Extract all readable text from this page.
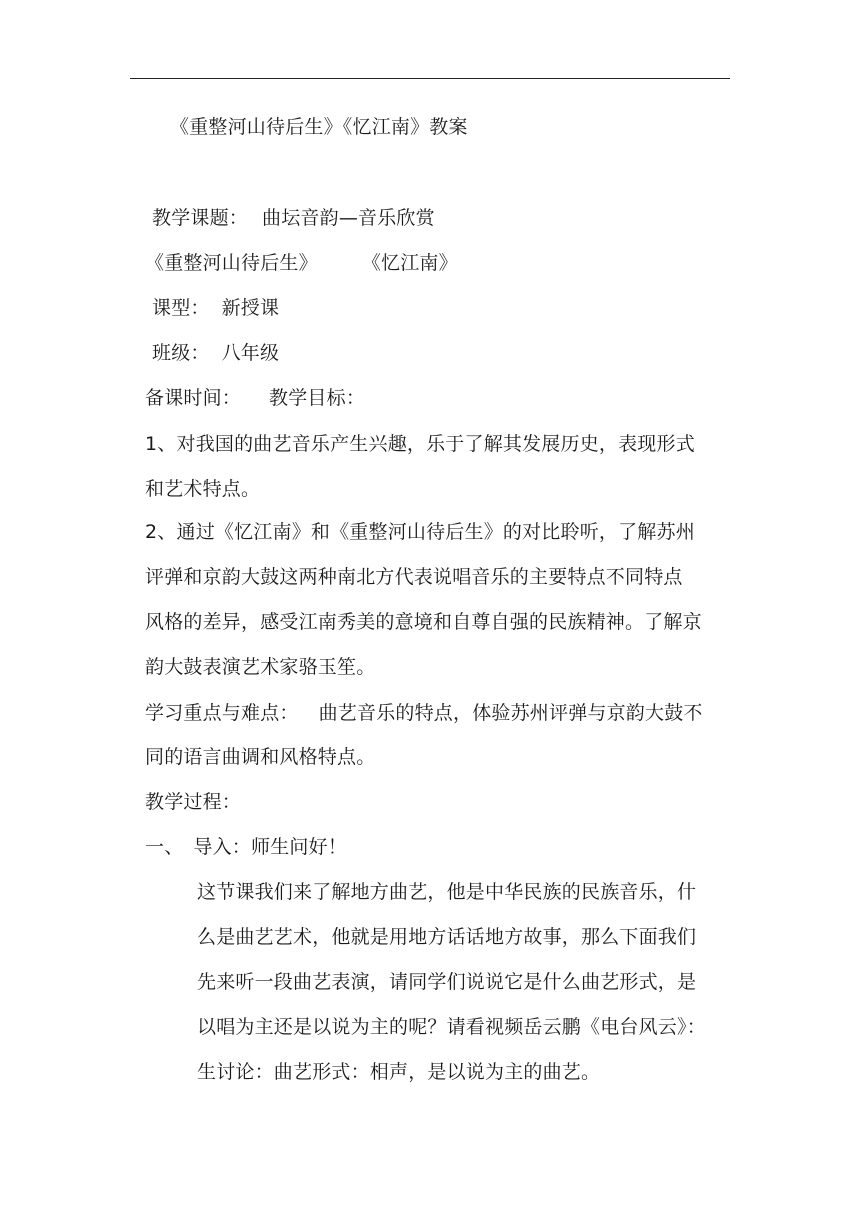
《重整河山待后生》《忆江南》教案
教学课题： 曲坛音韵—音乐欣赏
《重整河山待后生》 《忆江南》
课型： 新授课
班级： 八年级
备课时间： 教学目标：
1、对我国的曲艺音乐产生兴趣，乐于了解其发展历史，表现形式
和艺术特点。
2、通过《忆江南》和《重整河山待后生》的对比聆听，了解苏州
评弹和京韵大鼓这两种南北方代表说唱音乐的主要特点不同特点
风格的差异，感受江南秀美的意境和自尊自强的民族精神。了解京
韵大鼓表演艺术家骆玉笙。
学习重点与难点： 曲艺音乐的特点，体验苏州评弹与京韵大鼓不
同的语言曲调和风格特点。
教学过程：
一、 导入：师生问好！
这节课我们来了解地方曲艺，他是中华民族的民族音乐，什
么是曲艺艺术，他就是用地方话话地方故事，那么下面我们
先来听一段曲艺表演，请同学们说说它是什么曲艺形式，是
以唱为主还是以说为主的呢？请看视频岳云鹏《电台风云》：
生讨论：曲艺形式：相声，是以说为主的曲艺。
